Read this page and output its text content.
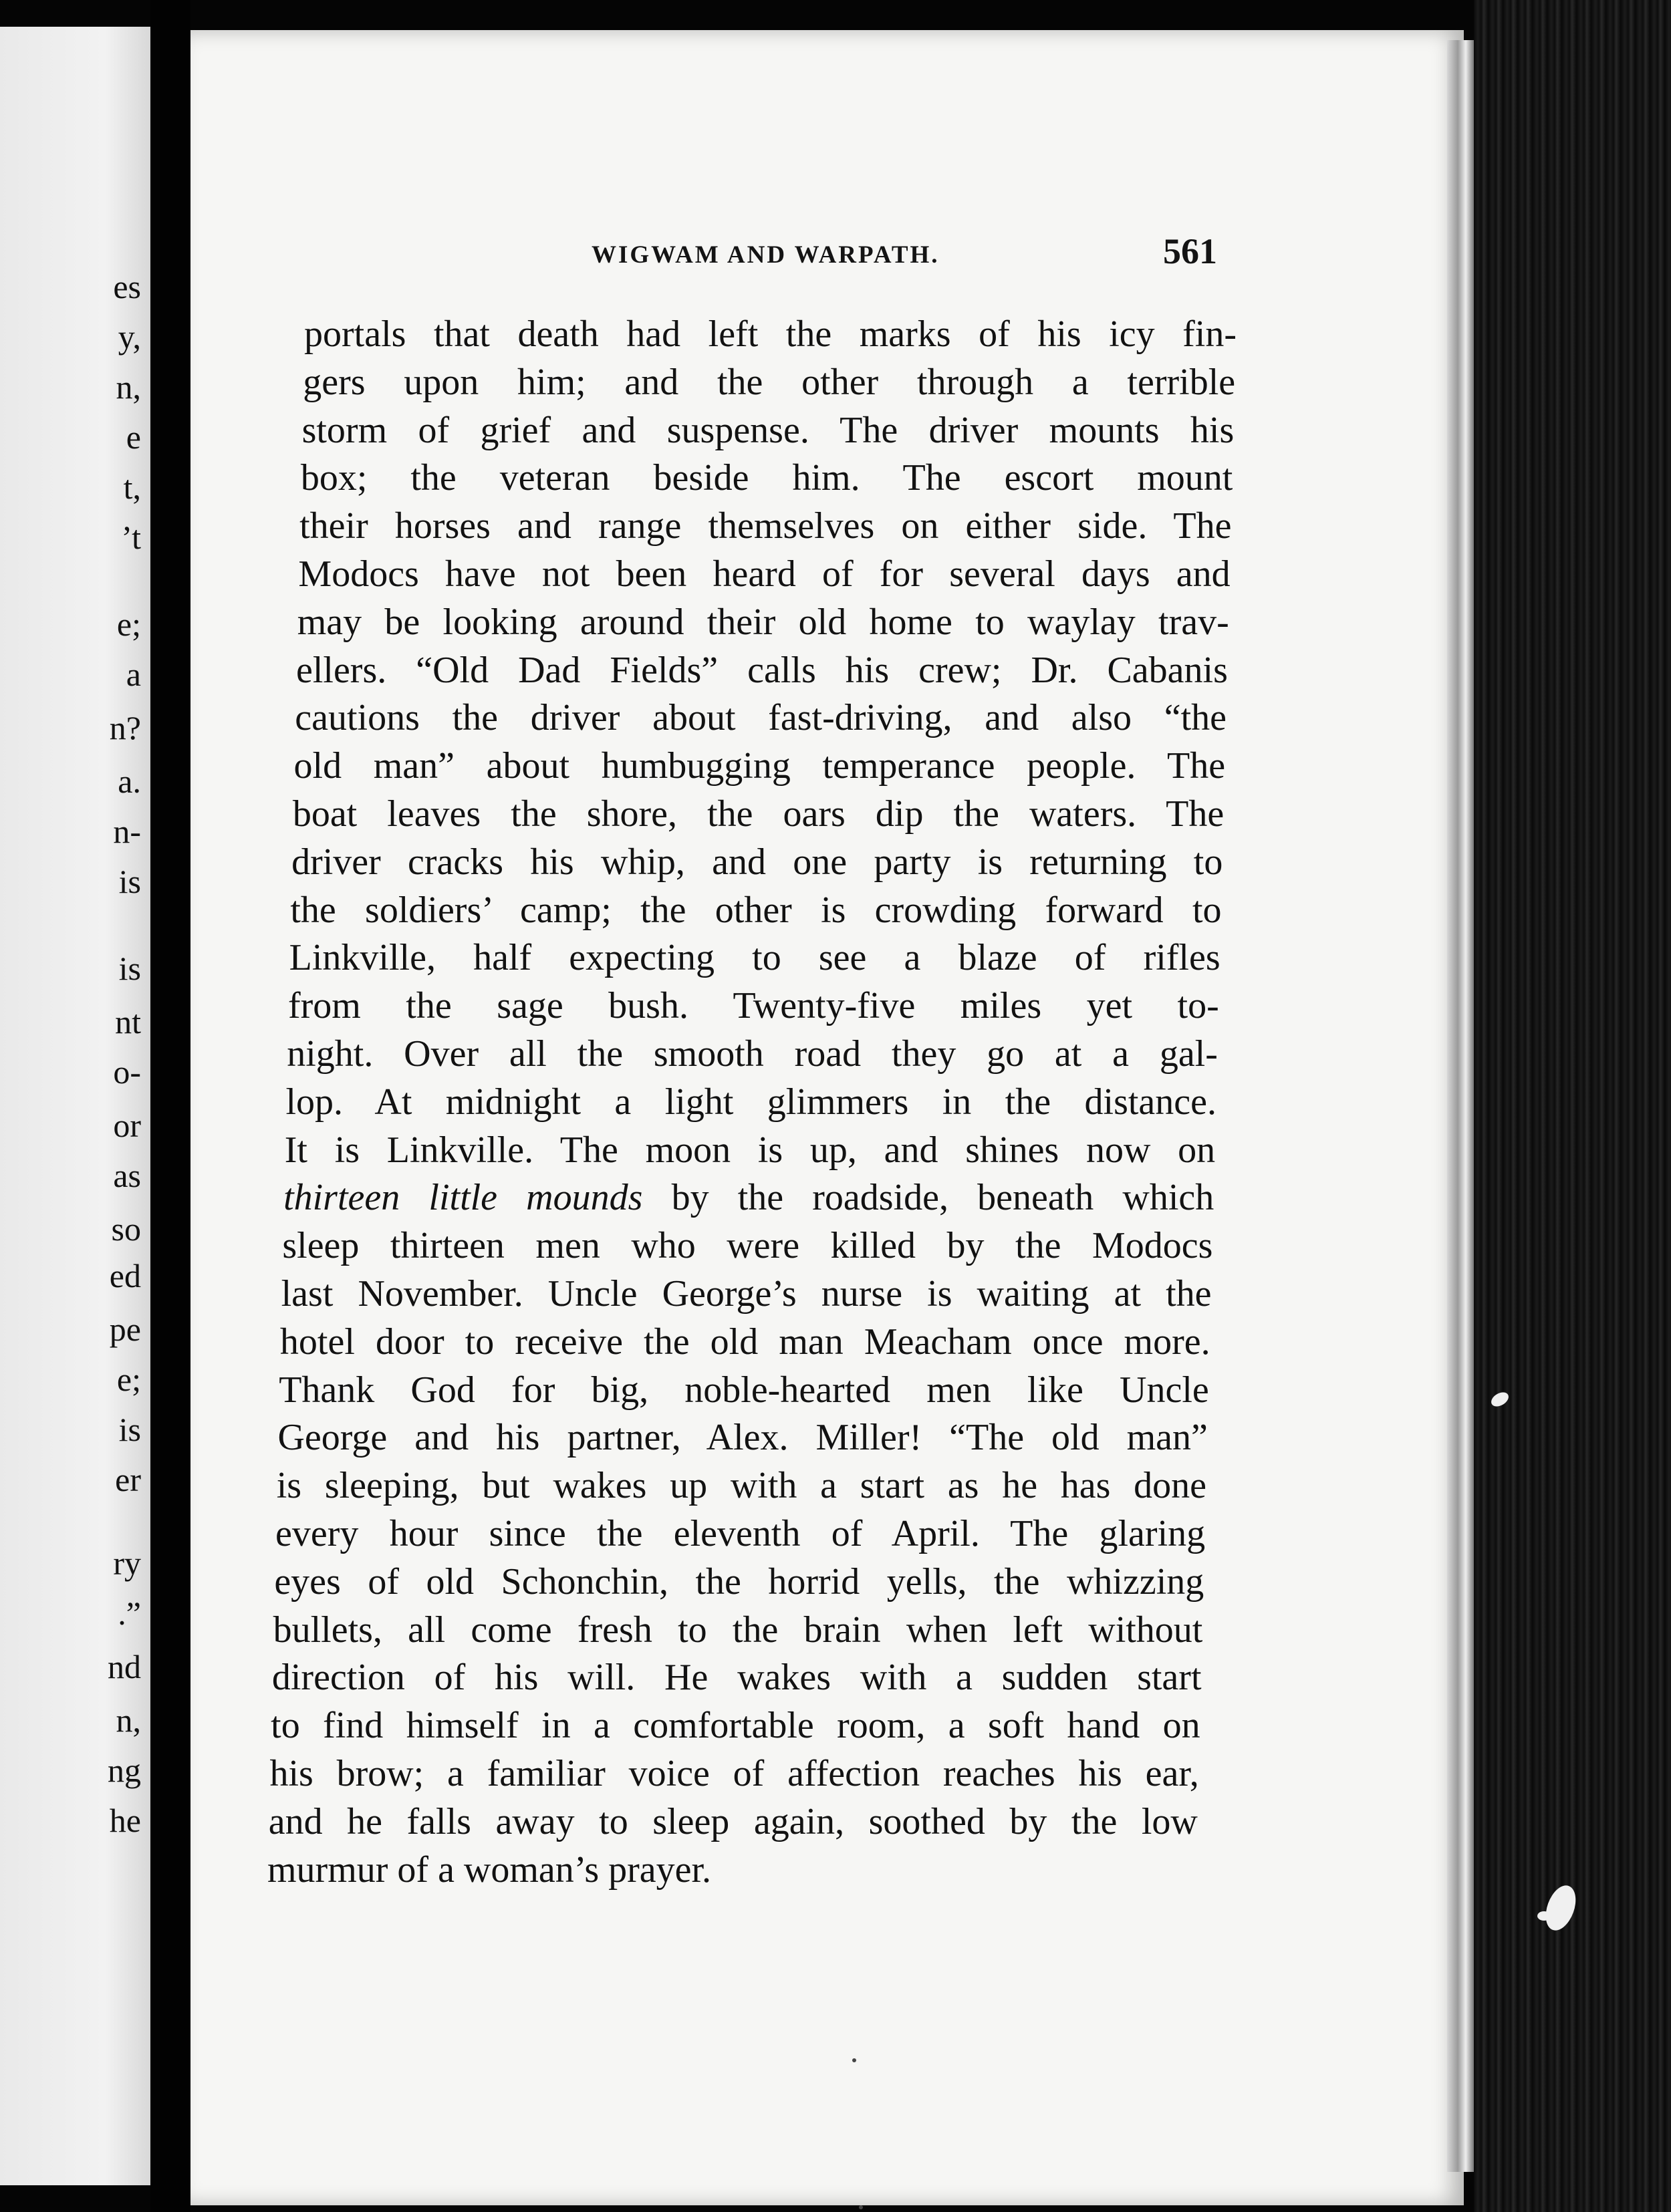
es
y,
n,
e
t,
’t
e;
a
n?
a.
n-
is
is
nt
o-
or
as
so
ed
pe
e;
is
er
ry
.”
nd
n,
ng
he
WIGWAM AND WARPATH.	561
portals that death had left the marks of his icy fin-
gers upon him; and the other through a terrible
storm of grief and suspense. The driver mounts his
box; the veteran beside him. The escort mount
their horses and range themselves on either side. The
Modocs have not been heard of for several days and
may be looking around their old home to waylay trav-
ellers. “Old Dad Fields” calls his crew; Dr. Cabanis
cautions the driver about fast-driving, and also “the
old man” about humbugging temperance people. The
boat leaves the shore, the oars dip the waters. The
driver cracks his whip, and one party is returning to
the soldiers’ camp; the other is crowding forward to
Linkville, half expecting to see a blaze of rifles
from the sage bush. Twenty-five miles yet to-
night. Over all the smooth road they go at a gal-
lop. At midnight a light glimmers in the distance.
It is Linkville. The moon is up, and shines now on
thirteen little mounds by the roadside, beneath which
sleep thirteen men who were killed by the Modocs
last November. Uncle George’s nurse is waiting at the
hotel door to receive the old man Meacham once more.
Thank God for big, noble-hearted men like Uncle
George and his partner, Alex. Miller! “The old man”
is sleeping, but wakes up with a start as he has done
every hour since the eleventh of April. The glaring
eyes of old Schonchin, the horrid yells, the whizzing
bullets, all come fresh to the brain when left without
direction of his will. He wakes with a sudden start
to find himself in a comfortable room, a soft hand on
his brow; a familiar voice of affection reaches his ear,
and he falls away to sleep again, soothed by the low
murmur of a woman’s prayer.
